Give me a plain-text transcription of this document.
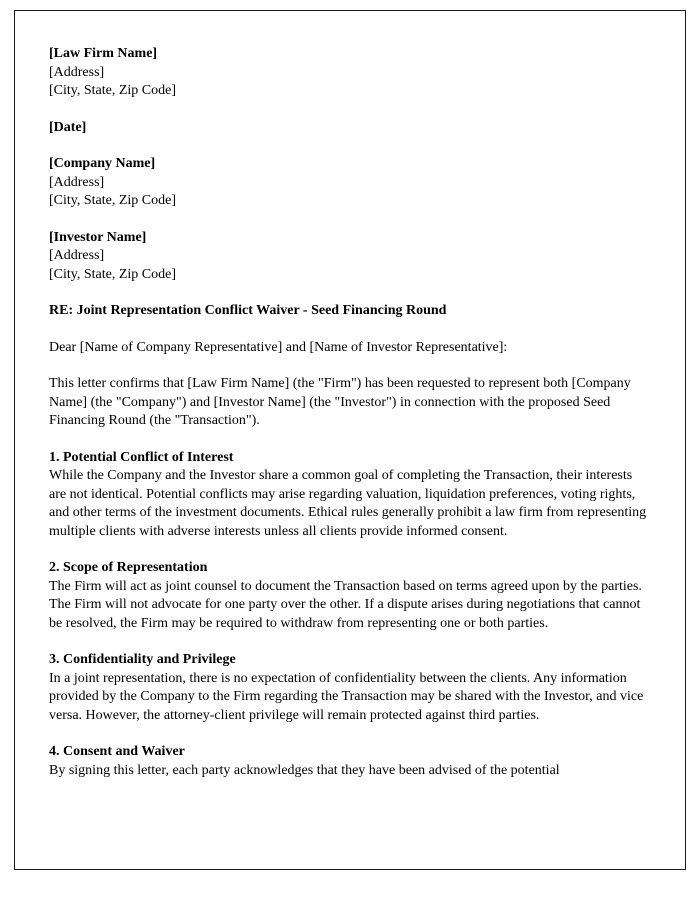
[Law Firm Name]
[Address]
[City, State, Zip Code]
[Date]
[Company Name]
[Address]
[City, State, Zip Code]
[Investor Name]
[Address]
[City, State, Zip Code]

RE: Joint Representation Conflict Waiver - Seed Financing Round

Dear [Name of Company Representative] and [Name of Investor Representative]:

This letter confirms that [Law Firm Name] (the "Firm") has been requested to represent both [Company Name] (the "Company") and [Investor Name] (the "Investor") in connection with the proposed Seed Financing Round (the "Transaction").

1. Potential Conflict of Interest

While the Company and the Investor share a common goal of completing the Transaction, their interests are not identical. Potential conflicts may arise regarding valuation, liquidation preferences, voting rights, and other terms of the investment documents. Ethical rules generally prohibit a law firm from representing multiple clients with adverse interests unless all clients provide informed consent.

2. Scope of Representation

The Firm will act as joint counsel to document the Transaction based on terms agreed upon by the parties. The Firm will not advocate for one party over the other. If a dispute arises during negotiations that cannot be resolved, the Firm may be required to withdraw from representing one or both parties.

3. Confidentiality and Privilege

In a joint representation, there is no expectation of confidentiality between the clients. Any information provided by the Company to the Firm regarding the Transaction may be shared with the Investor, and vice versa. However, the attorney-client privilege will remain protected against third parties.

4. Consent and Waiver

By signing this letter, each party acknowledges that they have been advised of the potential
